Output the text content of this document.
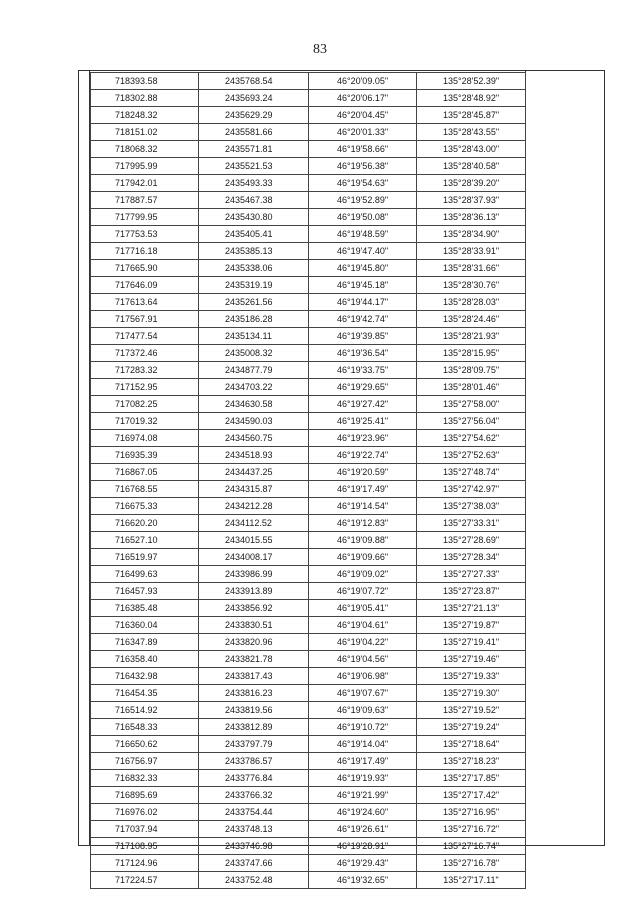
83
718393.58	2435768.54	46°20'09.05"	135°28'52.39"
718302.88	2435693.24	46°20'06.17"	135°28'48.92"
718248.32	2435629.29	46°20'04.45"	135°28'45.87"
718151.02	2435581.66	46°20'01.33"	135°28'43.55"
718068.32	2435571.81	46°19'58.66"	135°28'43.00"
717995.99	2435521.53	46°19'56.38"	135°28'40.58"
717942.01	2435493.33	46°19'54.63"	135°28'39.20"
717887.57	2435467.38	46°19'52.89"	135°28'37.93"
717799.95	2435430.80	46°19'50.08"	135°28'36.13"
717753.53	2435405.41	46°19'48.59"	135°28'34.90"
717716.18	2435385.13	46°19'47.40"	135°28'33.91"
717665.90	2435338.06	46°19'45.80"	135°28'31.66"
717646.09	2435319.19	46°19'45.18"	135°28'30.76"
717613.64	2435261.56	46°19'44.17"	135°28'28.03"
717567.91	2435186.28	46°19'42.74"	135°28'24.46"
717477.54	2435134.11	46°19'39.85"	135°28'21.93"
717372.46	2435008.32	46°19'36.54"	135°28'15.95"
717283.32	2434877.79	46°19'33.75"	135°28'09.75"
717152.95	2434703.22	46°19'29.65"	135°28'01.46"
717082.25	2434630.58	46°19'27.42"	135°27'58.00"
717019.32	2434590.03	46°19'25.41"	135°27'56.04"
716974.08	2434560.75	46°19'23.96"	135°27'54.62"
716935.39	2434518.93	46°19'22.74"	135°27'52.63"
716867.05	2434437.25	46°19'20.59"	135°27'48.74"
716768.55	2434315.87	46°19'17.49"	135°27'42.97"
716675.33	2434212.28	46°19'14.54"	135°27'38.03"
716620.20	2434112.52	46°19'12.83"	135°27'33.31"
716527.10	2434015.55	46°19'09.88"	135°27'28.69"
716519.97	2434008.17	46°19'09.66"	135°27'28.34"
716499.63	2433986.99	46°19'09.02"	135°27'27.33"
716457.93	2433913.89	46°19'07.72"	135°27'23.87"
716385.48	2433856.92	46°19'05.41"	135°27'21.13"
716360.04	2433830.51	46°19'04.61"	135°27'19.87"
716347.89	2433820.96	46°19'04.22"	135°27'19.41"
716358.40	2433821.78	46°19'04.56"	135°27'19.46"
716432.98	2433817.43	46°19'06.98"	135°27'19.33"
716454.35	2433816.23	46°19'07.67"	135°27'19.30"
716514.92	2433819.56	46°19'09.63"	135°27'19.52"
716548.33	2433812.89	46°19'10.72"	135°27'19.24"
716650.62	2433797.79	46°19'14.04"	135°27'18.64"
716756.97	2433786.57	46°19'17.49"	135°27'18.23"
716832.33	2433776.84	46°19'19.93"	135°27'17.85"
716895.69	2433766.32	46°19'21.99"	135°27'17.42"
716976.02	2433754.44	46°19'24.60"	135°27'16.95"
717037.94	2433748.13	46°19'26.61"	135°27'16.72"
717108.95	2433746.98	46°19'28.91"	135°27'16.74"
717124.96	2433747.66	46°19'29.43"	135°27'16.78"
717224.57	2433752.48	46°19'32.65"	135°27'17.11"
